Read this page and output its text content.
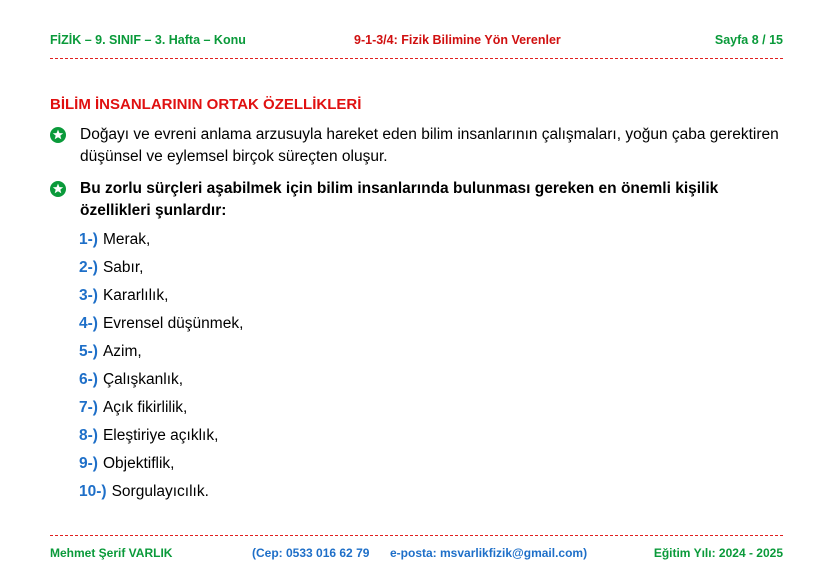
FİZİK – 9. SINIF – 3. Hafta – Konu	9-1-3/4: Fizik Bilimine Yön Verenler	Sayfa 8 / 15
BİLİM İNSANLARININ ORTAK ÖZELLİKLERİ
Doğayı ve evreni anlama arzusuyla hareket eden bilim insanlarının çalışmaları, yoğun çaba gerektiren düşünsel ve eylemsel birçok süreçten oluşur.
Bu zorlu sürçleri aşabilmek için bilim insanlarında bulunması gereken en önemli kişilik özellikleri şunlardır:
1-) Merak,
2-) Sabır,
3-) Kararlılık,
4-) Evrensel düşünmek,
5-) Azim,
6-) Çalışkanlık,
7-) Açık fikirlilik,
8-) Eleştiriye açıklık,
9-) Objektiflik,
10-) Sorgulayıcılık.
Mehmet Şerif VARLIK	(Cep: 0533 016 62 79 e-posta: msvarlikfizik@gmail.com)	Eğitim Yılı: 2024 - 2025
